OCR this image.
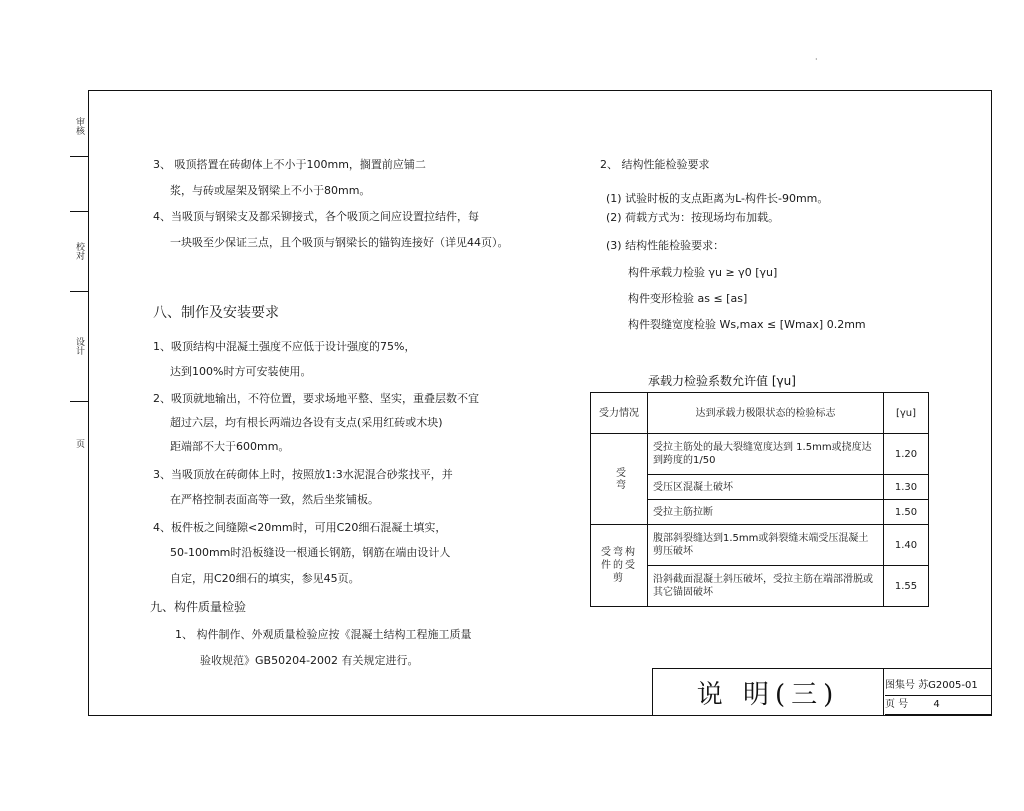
·
审核
校对
设计
页
3、 吸顶搭置在砖砌体上不小于100mm，搁置前应铺二
浆，与砖或屋架及钢梁上不小于80mm。
4、当吸顶与钢梁支及都采铆接式，各个吸顶之间应设置拉结件，每
一块吸至少保证三点，且个吸顶与钢梁长的锚钩连接好（详见44页）。
八、制作及安装要求
1、吸顶结构中混凝土强度不应低于设计强度的75%，
达到100%时方可安装使用。
2、吸顶就地输出，不符位置，要求场地平整、坚实，重叠层数不宜
超过六层，均有根长两端边各设有支点(采用红砖或木块)
距端部不大于600mm。
3、当吸顶放在砖砌体上时，按照放1:3水泥混合砂浆找平，并
在严格控制表面高等一致，然后坐浆铺板。
4、板件板之间缝隙<20mm时，可用C20细石混凝土填实，
50-100mm时沿板缝设一根通长钢筋，钢筋在端由设计人
自定，用C20细石的填实，参见45页。
九、构件质量检验
1、 构件制作、外观质量检验应按《混凝土结构工程施工质量
验收规范》GB50204-2002 有关规定进行。
2、 结构性能检验要求
(1) 试验时板的支点距离为L-构件长-90mm。
(2) 荷载方式为：按现场均布加载。
(3) 结构性能检验要求：
构件承载力检验 γu ≥ γ0 [γu]
构件变形检验 as ≤ [as]
构件裂缝宽度检验 Ws,max ≤ [Wmax] 0.2mm
承载力检验系数允许值 [γu]
受力情况	达到承载力极限状态的检验标志	[γu]
受弯	受拉主筋处的最大裂缝宽度达到 1.5mm或挠度达到跨度的1/50	1.20
	受压区混凝土破坏	1.30
	受拉主筋拉断	1.50
受弯构件的受剪	腹部斜裂缝达到1.5mm或斜裂缝末端受压混凝土剪压破坏	1.40
	沿斜截面混凝土斜压破坏，受拉主筋在端部滑脱或其它锚固破坏	1.55
说 明(三)	图集号 苏G2005-01
页 号	4
